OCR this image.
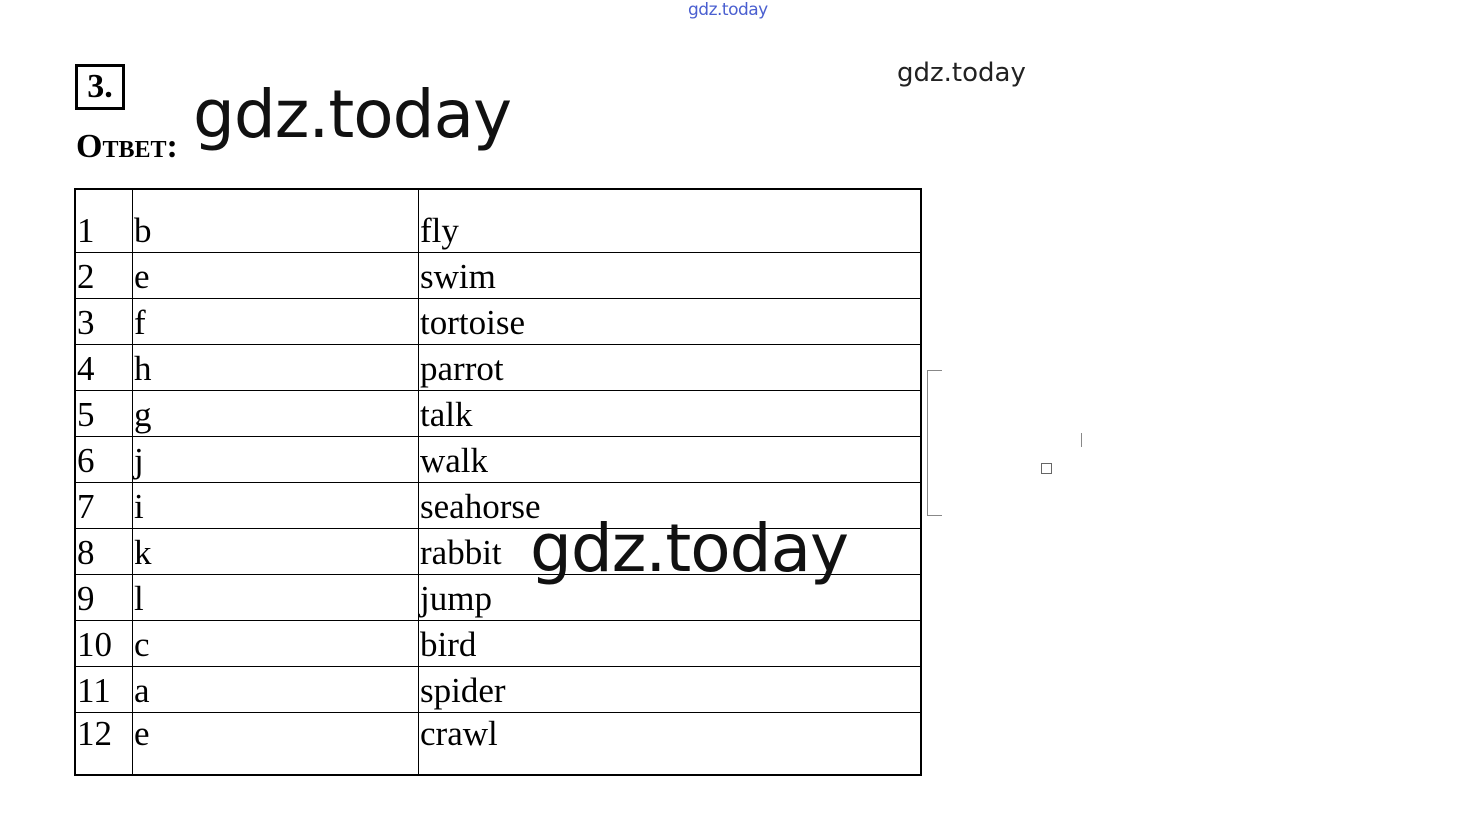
gdz.today
gdz.today
3.
Ответ: gdz.today
1	b	fly
2	e	swim
3	f	tortoise
4	h	parrot
5	g	talk
6	j	walk
7	i	seahorse
8	k	rabbit
9	l	jump
10	c	bird
11	a	spider
12	e	crawl
gdz.today
